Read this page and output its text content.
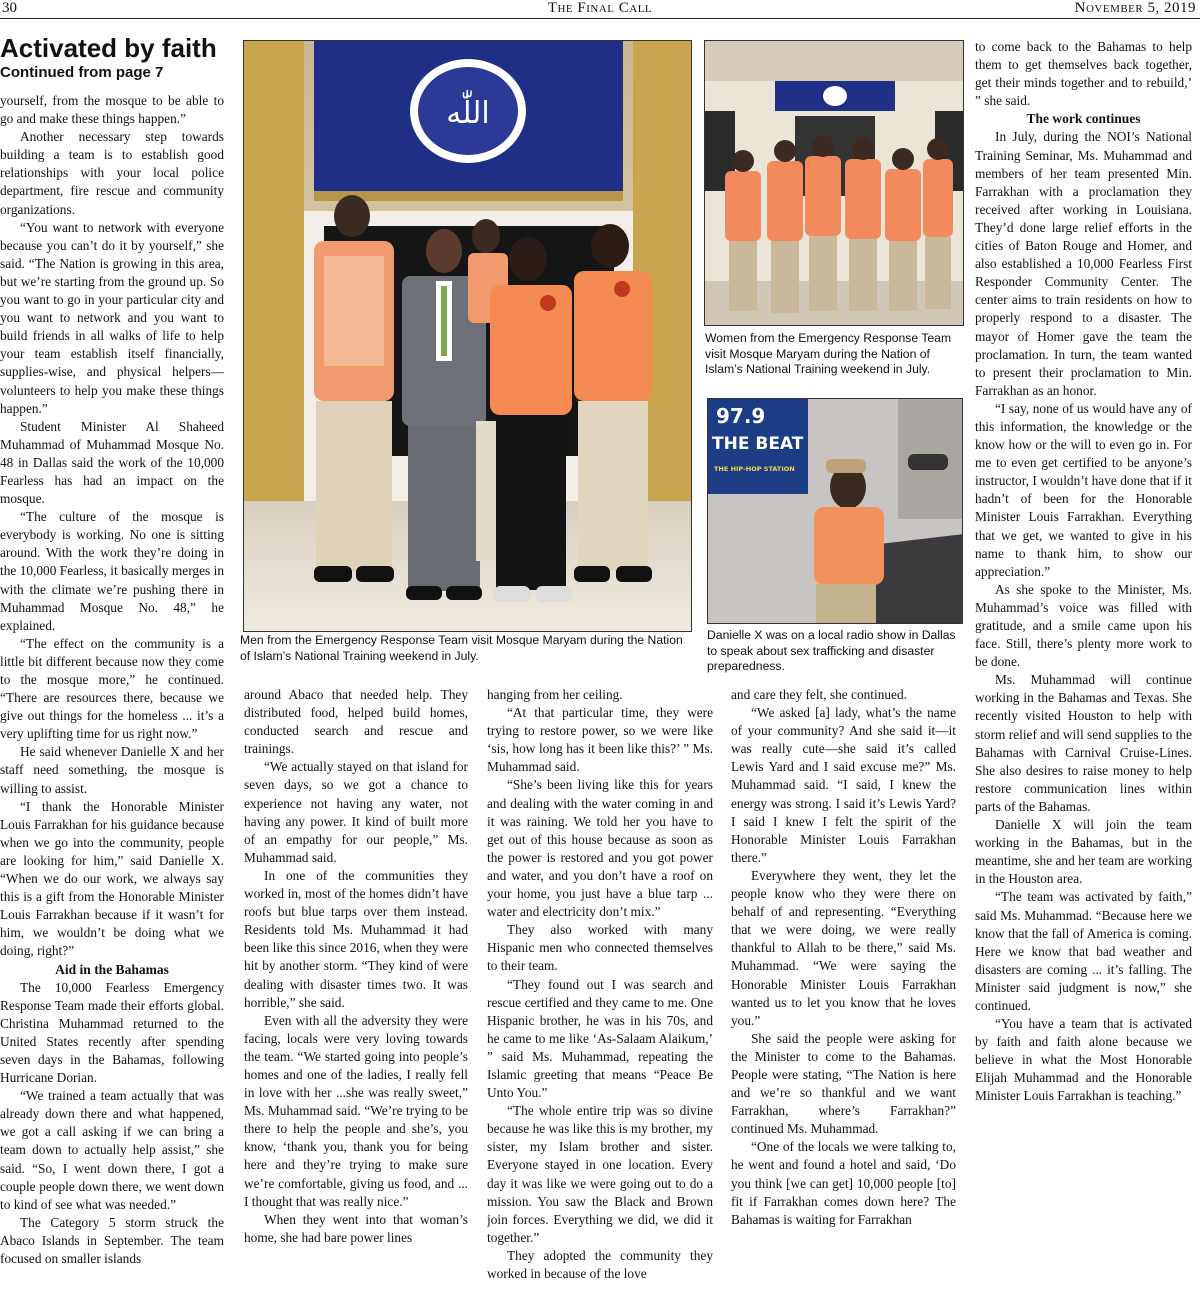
30	The Final Call	November 5, 2019
Activated by faith
Continued from page 7

yourself, from the mosque to be able to go and make these things happen.”

Another necessary step towards building a team is to establish good relationships with your local police department, fire rescue and community organizations.

“You want to network with everyone because you can’t do it by yourself,” she said. “The Nation is growing in this area, but we’re starting from the ground up. So you want to go in your particular city and you want to network and you want to build friends in all walks of life to help your team establish itself financially, supplies-wise, and physical helpers—volunteers to help you make these things happen.”

Student Minister Al Shaheed Muhammad of Muhammad Mosque No. 48 in Dallas said the work of the 10,000 Fearless has had an impact on the mosque.

“The culture of the mosque is everybody is working. No one is sitting around. With the work they’re doing in the 10,000 Fearless, it basically merges in with the climate we’re pushing there in Muhammad Mosque No. 48,” he explained.

“The effect on the community is a little bit different because now they come to the mosque more,” he continued. “There are resources there, because we give out things for the homeless ... it’s a very uplifting time for us right now.”

He said whenever Danielle X and her staff need something, the mosque is willing to assist.

“I thank the Honorable Minister Louis Farrakhan for his guidance because when we go into the community, people are looking for him,” said Danielle X. “When we do our work, we always say this is a gift from the Honorable Minister Louis Farrakhan because if it wasn’t for him, we wouldn’t be doing what we doing, right?”

Aid in the Bahamas

The 10,000 Fearless Emergency Response Team made their efforts global. Christina Muhammad returned to the United States recently after spending seven days in the Bahamas, following Hurricane Dorian.

“We trained a team actually that was already down there and what happened, we got a call asking if we can bring a team down to actually help assist,” she said. “So, I went down there, I got a couple people down there, we went down to kind of see what was needed.”

The Category 5 storm struck the Abaco Islands in September. The team focused on smaller islands

اللّٰه
Men from the Emergency Response Team visit Mosque Maryam during the Nation of Islam’s National Training weekend in July.
Women from the Emergency Response Team visit Mosque Maryam during the Nation of Islam’s National Training weekend in July.
97.9
THE BEAT
THE HIP-HOP STATION
Danielle X was on a local radio show in Dallas to speak about sex trafficking and disaster preparedness.

around Abaco that needed help. They distributed food, helped build homes, conducted search and rescue and trainings.

“We actually stayed on that island for seven days, so we got a chance to experience not having any water, not having any power. It kind of built more of an empathy for our people,” Ms. Muhammad said.

In one of the communities they worked in, most of the homes didn’t have roofs but blue tarps over them instead. Residents told Ms. Muhammad it had been like this since 2016, when they were hit by another storm. “They kind of were dealing with disaster times two. It was horrible,” she said.

Even with all the adversity they were facing, locals were very loving towards the team. “We started going into people’s homes and one of the ladies, I really fell in love with her ...she was really sweet,” Ms. Muhammad said. “We’re trying to be there to help the people and she’s, you know, ‘thank you, thank you for being here and they’re trying to make sure we’re comfortable, giving us food, and ... I thought that was really nice.”

When they went into that woman’s home, she had bare power lines

hanging from her ceiling.

“At that particular time, they were trying to restore power, so we were like ‘sis, how long has it been like this?’ ” Ms. Muhammad said.

“She’s been living like this for years and dealing with the water coming in and it was raining. We told her you have to get out of this house because as soon as the power is restored and you got power and water, and you don’t have a roof on your home, you just have a blue tarp ... water and electricity don’t mix.”

They also worked with many Hispanic men who connected themselves to their team.

“They found out I was search and rescue certified and they came to me. One Hispanic brother, he was in his 70s, and he came to me like ‘As-Salaam Alaikum,’ ” said Ms. Muhammad, repeating the Islamic greeting that means “Peace Be Unto You.”

“The whole entire trip was so divine because he was like this is my brother, my sister, my Islam brother and sister. Everyone stayed in one location. Every day it was like we were going out to do a mission. You saw the Black and Brown join forces. Everything we did, we did it together.”

They adopted the community they worked in because of the love

and care they felt, she continued.

“We asked [a] lady, what’s the name of your community? And she said it—it was really cute—she said it’s called Lewis Yard and I said excuse me?” Ms. Muhammad said. “I said, I knew the energy was strong. I said it’s Lewis Yard? I said I knew I felt the spirit of the Honorable Minister Louis Farrakhan there.”

Everywhere they went, they let the people know who they were there on behalf of and representing. “Everything that we were doing, we were really thankful to Allah to be there,” said Ms. Muhammad. “We were saying the Honorable Minister Louis Farrakhan wanted us to let you know that he loves you.”

She said the people were asking for the Minister to come to the Bahamas. People were stating, “The Nation is here and we’re so thankful and we want Farrakhan, where’s Farrakhan?” continued Ms. Muhammad.

“One of the locals we were talking to, he went and found a hotel and said, ‘Do you think [we can get] 10,000 people [to] fit if Farrakhan comes down here? The Bahamas is waiting for Farrakhan

to come back to the Bahamas to help them to get themselves back together, get their minds together and to rebuild,’ ” she said.

The work continues

In July, during the NOI’s National Training Seminar, Ms. Muhammad and members of her team presented Min. Farrakhan with a proclamation they received after working in Louisiana. They’d done large relief efforts in the cities of Baton Rouge and Homer, and also established a 10,000 Fearless First Responder Community Center. The center aims to train residents on how to properly respond to a disaster. The mayor of Homer gave the team the proclamation. In turn, the team wanted to present their proclamation to Min. Farrakhan as an honor.

“I say, none of us would have any of this information, the knowledge or the know how or the will to even go in. For me to even get certified to be anyone’s instructor, I wouldn’t have done that if it hadn’t of been for the Honorable Minister Louis Farrakhan. Everything that we get, we wanted to give in his name to thank him, to show our appreciation.”

As she spoke to the Minister, Ms. Muhammad’s voice was filled with gratitude, and a smile came upon his face. Still, there’s plenty more work to be done.

Ms. Muhammad will continue working in the Bahamas and Texas. She recently visited Houston to help with storm relief and will send supplies to the Bahamas with Carnival Cruise-Lines. She also desires to raise money to help restore communication lines within parts of the Bahamas.

Danielle X will join the team working in the Bahamas, but in the meantime, she and her team are working in the Houston area.

“The team was activated by faith,” said Ms. Muhammad. “Because here we know that the fall of America is coming. Here we know that bad weather and disasters are coming ... it’s falling. The Minister said judgment is now,” she continued.

“You have a team that is activated by faith and faith alone because we believe in what the Most Honorable Elijah Muhammad and the Honorable Minister Louis Farrakhan is teaching.”
